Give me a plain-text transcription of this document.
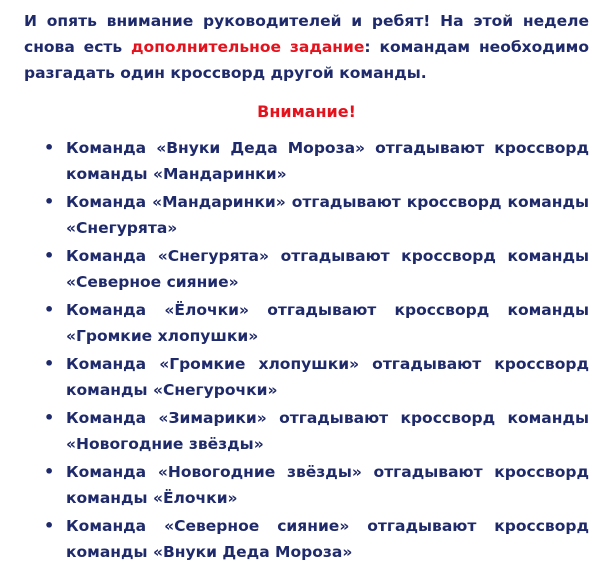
И опять внимание руководителей и ребят! На этой неделе снова есть дополнительное задание: командам необходимо разгадать один кроссворд другой команды.

Внимание!
• Команда «Внуки Деда Мороза» отгадывают кроссворд команды «Мандаринки»
• Команда «Мандаринки» отгадывают кроссворд команды «Снегурята»
• Команда «Снегурята» отгадывают кроссворд команды «Северное сияние»
• Команда «Ёлочки» отгадывают кроссворд команды «Громкие хлопушки»
• Команда «Громкие хлопушки» отгадывают кроссворд команды «Снегурочки»
• Команда «Зимарики» отгадывают кроссворд команды «Новогодние звёзды»
• Команда «Новогодние звёзды» отгадывают кроссворд команды «Ёлочки»
• Команда «Северное сияние» отгадывают кроссворд команды «Внуки Деда Мороза»
